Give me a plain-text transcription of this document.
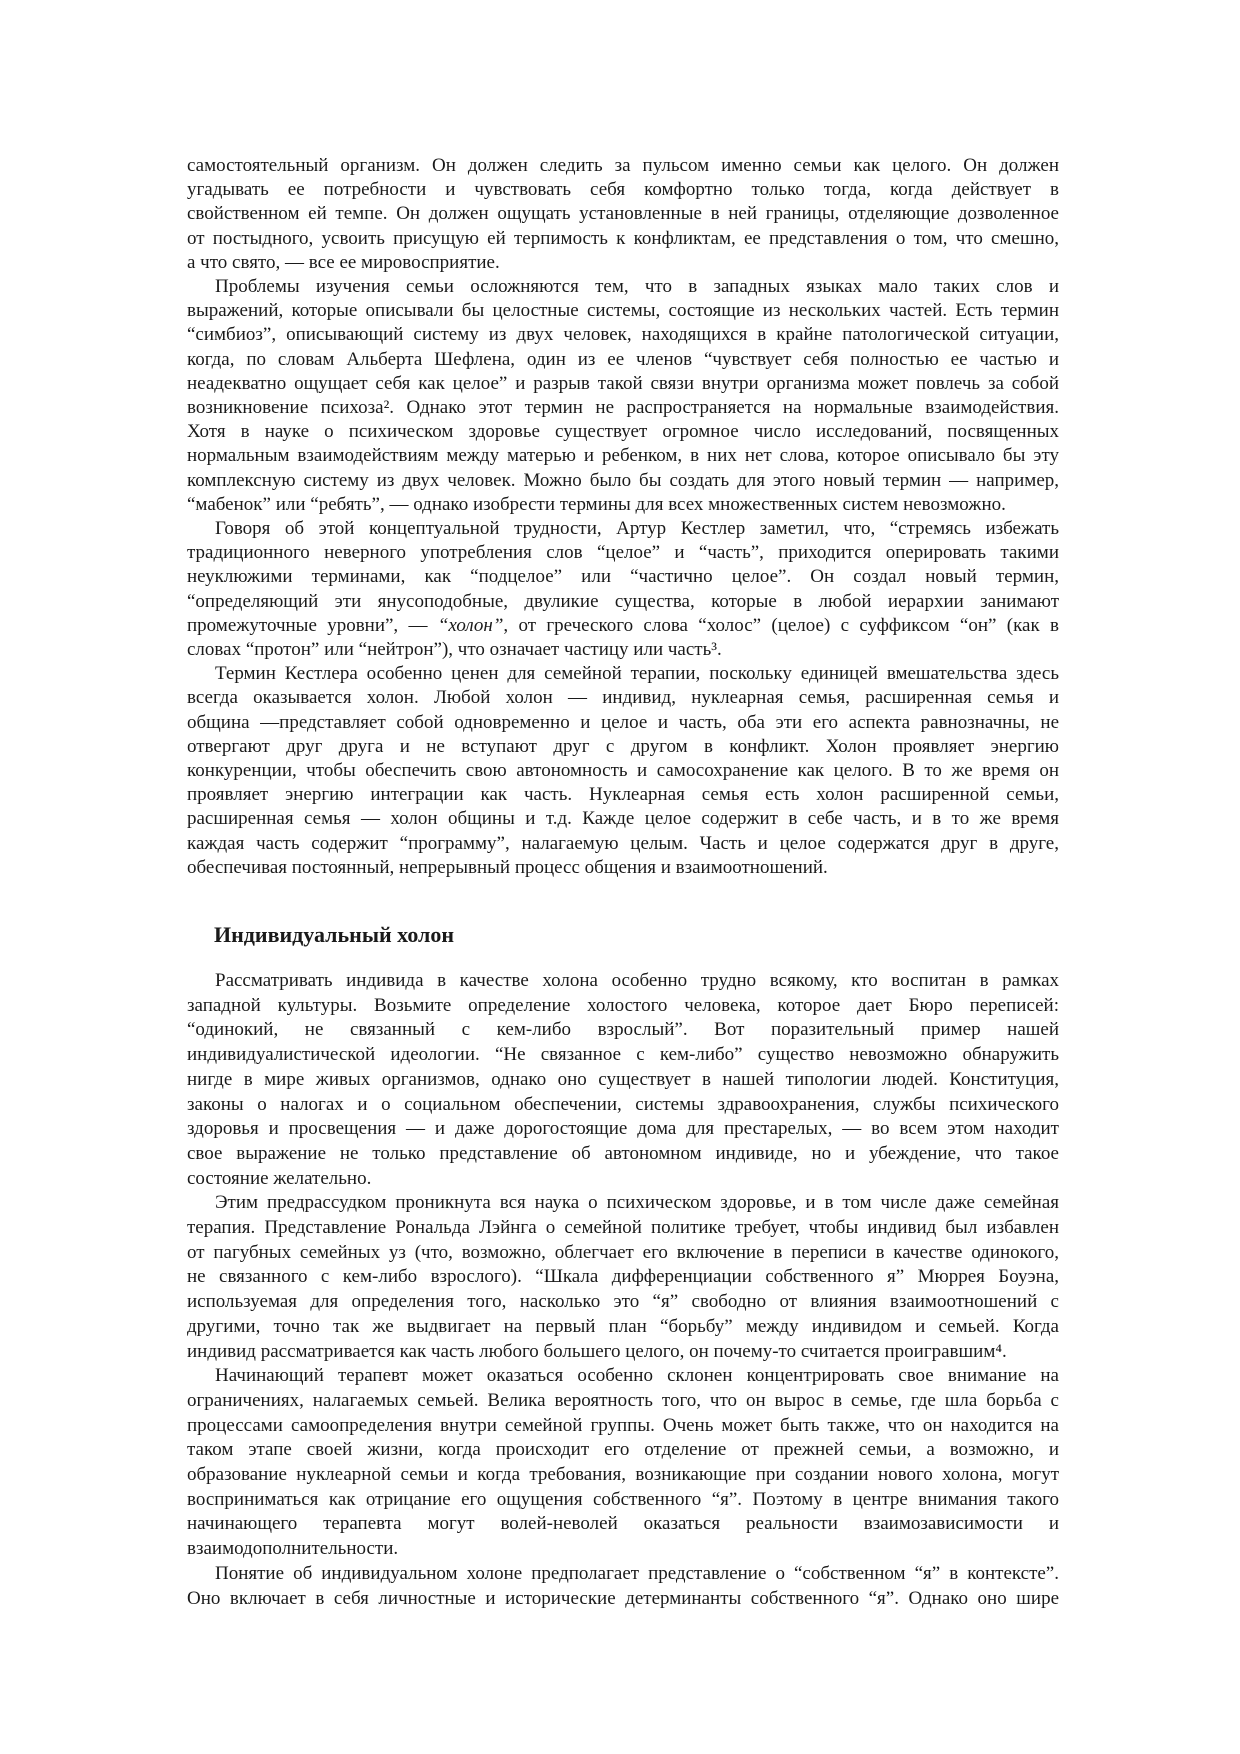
самостоятельный организм. Он должен следить за пульсом именно семьи как целого. Он должен
угадывать ее потребности и чувствовать себя комфортно только тогда, когда действует в
свойственном ей темпе. Он должен ощущать установленные в ней границы, отделяющие дозволенное
от постыдного, усвоить присущую ей терпимость к конфликтам, ее представления о том, что смешно,
а что свято, — все ее мировосприятие.
Проблемы изучения семьи осложняются тем, что в западных языках мало таких слов и
выражений, которые описывали бы целостные системы, состоящие из нескольких частей. Есть термин
“симбиоз”, описывающий систему из двух человек, находящихся в крайне патологической ситуации,
когда, по словам Альберта Шефлена, один из ее членов “чувствует себя полностью ее частью и
неадекватно ощущает себя как целое” и разрыв такой связи внутри организма может повлечь за собой
возникновение психоза². Однако этот термин не распространяется на нормальные взаимодействия.
Хотя в науке о психическом здоровье существует огромное число исследований, посвященных
нормальным взаимодействиям между матерью и ребенком, в них нет слова, которое описывало бы эту
комплексную систему из двух человек. Можно было бы создать для этого новый термин — например,
“мабенок” или “ребять”, — однако изобрести термины для всех множественных систем невозможно.
Говоря об этой концептуальной трудности, Артур Кестлер заметил, что, “стремясь избежать
традиционного неверного употребления слов “целое” и “часть”, приходится оперировать такими
неуклюжими терминами, как “подцелое” или “частично целое”. Он создал новый термин,
“определяющий эти янусоподобные, двуликие существа, которые в любой иерархии занимают
промежуточные уровни”, — “холон”, от греческого слова “холос” (целое) с суффиксом “он” (как в
словах “протон” или “нейтрон”), что означает частицу или часть³.
Термин Кестлера особенно ценен для семейной терапии, поскольку единицей вмешательства здесь
всегда оказывается холон. Любой холон — индивид, нуклеарная семья, расширенная семья и
община —представляет собой одновременно и целое и часть, оба эти его аспекта равнозначны, не
отвергают друг друга и не вступают друг с другом в конфликт. Холон проявляет энергию
конкуренции, чтобы обеспечить свою автономность и самосохранение как целого. В то же время он
проявляет энергию интеграции как часть. Нуклеарная семья есть холон расширенной семьи,
расширенная семья — холон общины и т.д. Кажде целое содержит в себе часть, и в то же время
каждая часть содержит “программу”, налагаемую целым. Часть и целое содержатся друг в друге,
обеспечивая постоянный, непрерывный процесс общения и взаимоотношений.
Индивидуальный холон
Рассматривать индивида в качестве холона особенно трудно всякому, кто воспитан в рамках
западной культуры. Возьмите определение холостого человека, которое дает Бюро переписей:
“одинокий, не связанный с кем-либо взрослый”. Вот поразительный пример нашей
индивидуалистической идеологии. “Не связанное с кем-либо” существо невозможно обнаружить
нигде в мире живых организмов, однако оно существует в нашей типологии людей. Конституция,
законы о налогах и о социальном обеспечении, системы здравоохранения, службы психического
здоровья и просвещения — и даже дорогостоящие дома для престарелых, — во всем этом находит
свое выражение не только представление об автономном индивиде, но и убеждение, что такое
состояние желательно.
Этим предрассудком проникнута вся наука о психическом здоровье, и в том числе даже семейная
терапия. Представление Рональда Лэйнга о семейной политике требует, чтобы индивид был избавлен
от пагубных семейных уз (что, возможно, облегчает его включение в переписи в качестве одинокого,
не связанного с кем-либо взрослого). “Шкала дифференциации собственного я” Мюррея Боуэна,
используемая для определения того, насколько это “я” свободно от влияния взаимоотношений с
другими, точно так же выдвигает на первый план “борьбу” между индивидом и семьей. Когда
индивид рассматривается как часть любого большего целого, он почему-то считается проигравшим⁴.
Начинающий терапевт может оказаться особенно склонен концентрировать свое внимание на
ограничениях, налагаемых семьей. Велика вероятность того, что он вырос в семье, где шла борьба с
процессами самоопределения внутри семейной группы. Очень может быть также, что он находится на
таком этапе своей жизни, когда происходит его отделение от прежней семьи, а возможно, и
образование нуклеарной семьи и когда требования, возникающие при создании нового холона, могут
восприниматься как отрицание его ощущения собственного “я”. Поэтому в центре внимания такого
начинающего терапевта могут волей-неволей оказаться реальности взаимозависимости и
взаимодополнительности.
Понятие об индивидуальном холоне предполагает представление о “собственном “я” в контексте”.
Оно включает в себя личностные и исторические детерминанты собственного “я”. Однако оно шире
